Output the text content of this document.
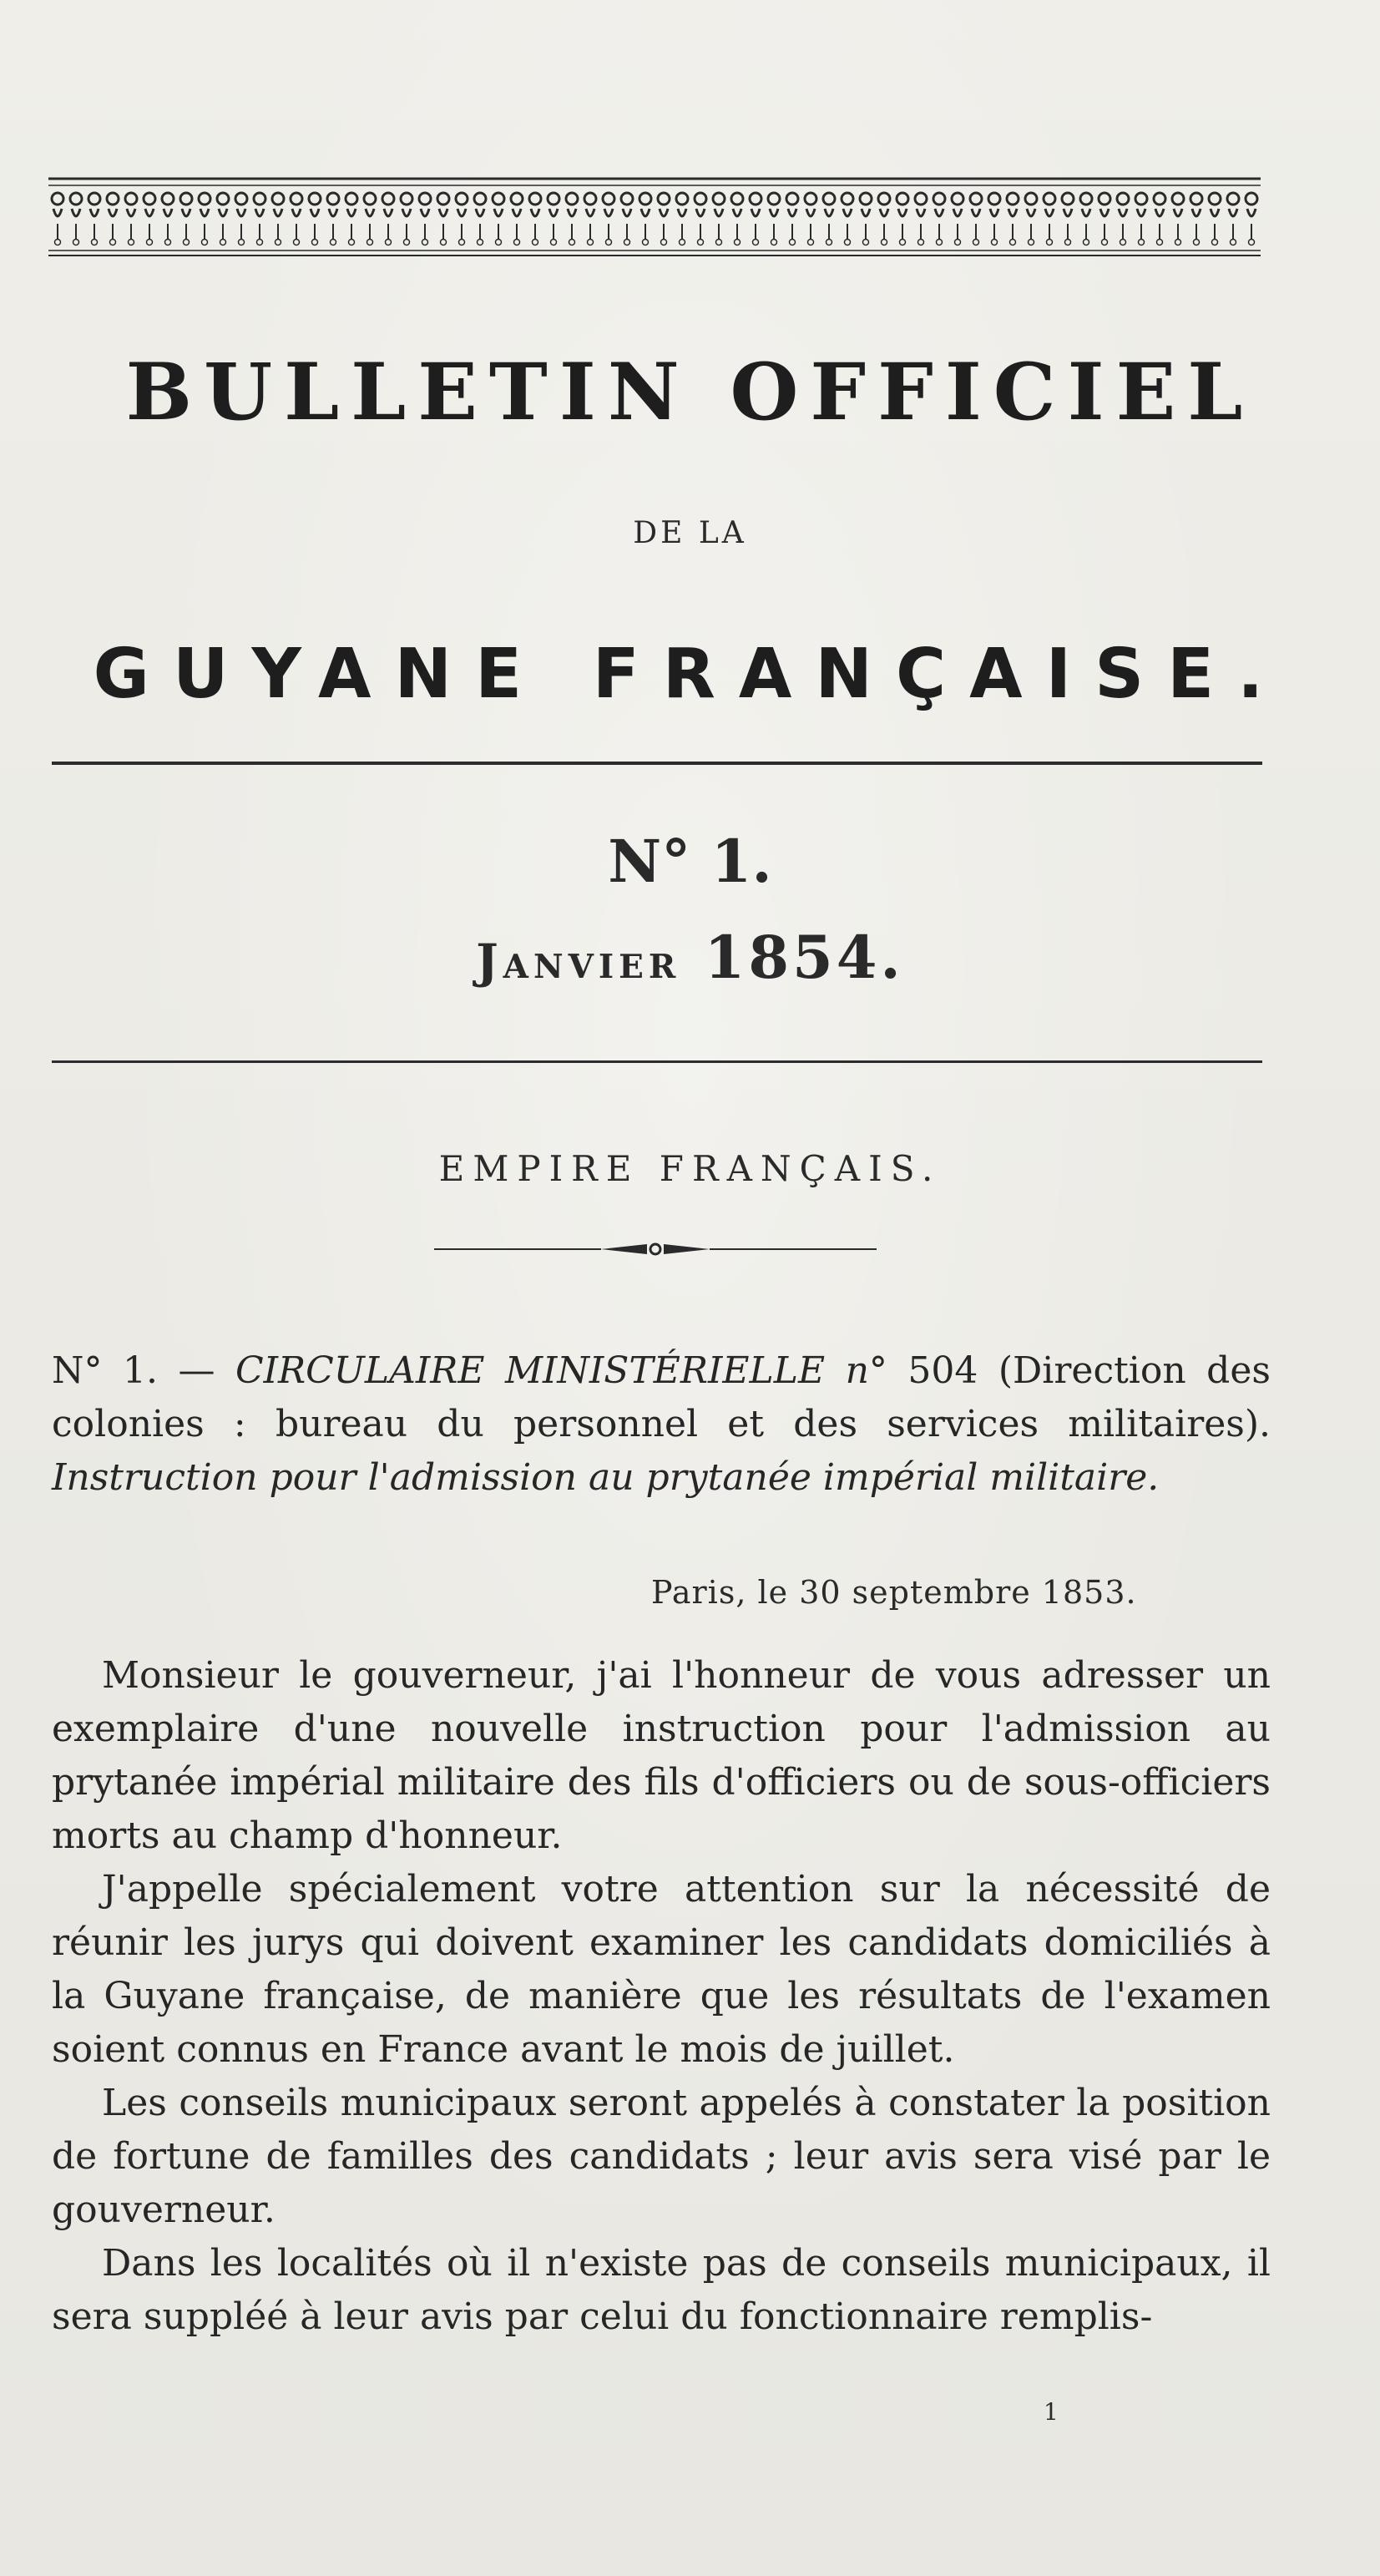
BULLETIN OFFICIEL
DE LA
GUYANE FRANÇAISE.
N° 1.
Janvier 1854.
EMPIRE FRANÇAIS.
N° 1. — CIRCULAIRE MINISTÉRIELLE n° 504 (Direction des colonies : bureau du personnel et des services militaires). Instruction pour l'admission au prytanée impérial militaire.
Paris, le 30 septembre 1853.

Monsieur le gouverneur, j'ai l'honneur de vous adresser un exemplaire d'une nouvelle instruction pour l'admission au prytanée impérial militaire des fils d'officiers ou de sous-officiers morts au champ d'honneur.

J'appelle spécialement votre attention sur la nécessité de réunir les jurys qui doivent examiner les candidats domiciliés à la Guyane française, de manière que les résultats de l'examen soient connus en France avant le mois de juillet.

Les conseils municipaux seront appelés à constater la position de fortune de familles des candidats ; leur avis sera visé par le gouverneur.

Dans les localités où il n'existe pas de conseils municipaux, il sera suppléé à leur avis par celui du fonctionnaire remplis-

1
